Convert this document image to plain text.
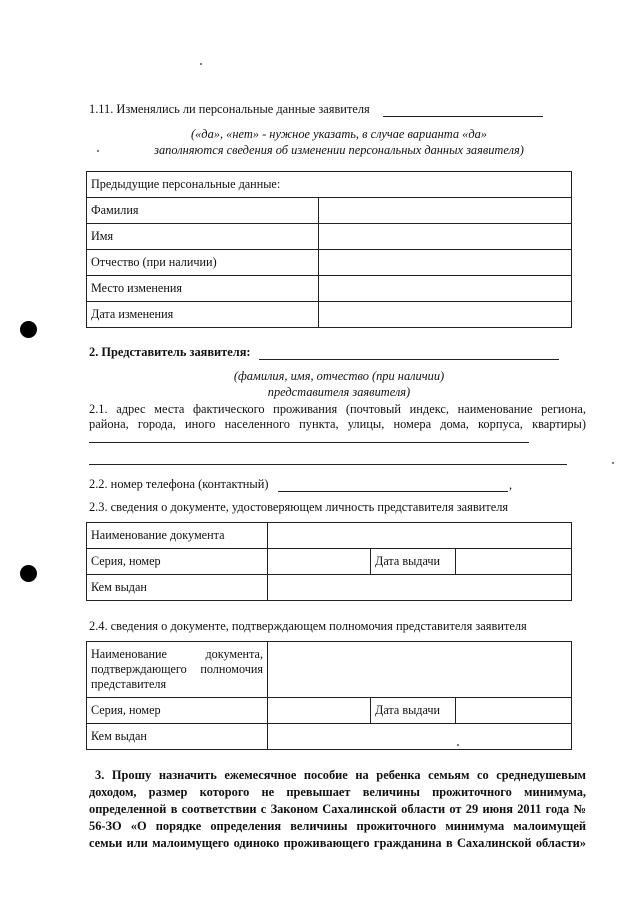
1.11. Изменялись ли персональные данные заявителя
(«да», «нет» - нужное указать, в случае варианта «да»
заполняются сведения об изменении персональных данных заявителя)
Предыдущие персональные данные:	
Фамилия	
Имя	
Отчество (при наличии)	
Место изменения	
Дата изменения	
2. Представитель заявителя:
(фамилия, имя, отчество (при наличии)
представителя заявителя)
2.1. адрес места фактического проживания (почтовый индекс, наименование региона,
района, города, иного населенного пункта, улицы, номера дома, корпуса, квартиры)
2.2. номер телефона (контактный)	,
2.3. сведения о документе, удостоверяющем личность представителя заявителя
Наименование документа			
Серия, номер		Дата выдачи	
Кем выдан			
2.4. сведения о документе, подтверждающем полномочия представителя заявителя
Наименование документа,
подтверждающего полномочия
представителя			

Серия, номер		Дата выдачи	
Кем выдан			
3. Прошу назначить ежемесячное пособие на ребенка семьям со среднедушевым
доходом, размер которого не превышает величины прожиточного минимума,
определенной в соответствии с Законом Сахалинской области от 29 июня 2011 года №
56-ЗО «О порядке определения величины прожиточного минимума малоимущей
семьи или малоимущего одиноко проживающего гражданина в Сахалинской области»
